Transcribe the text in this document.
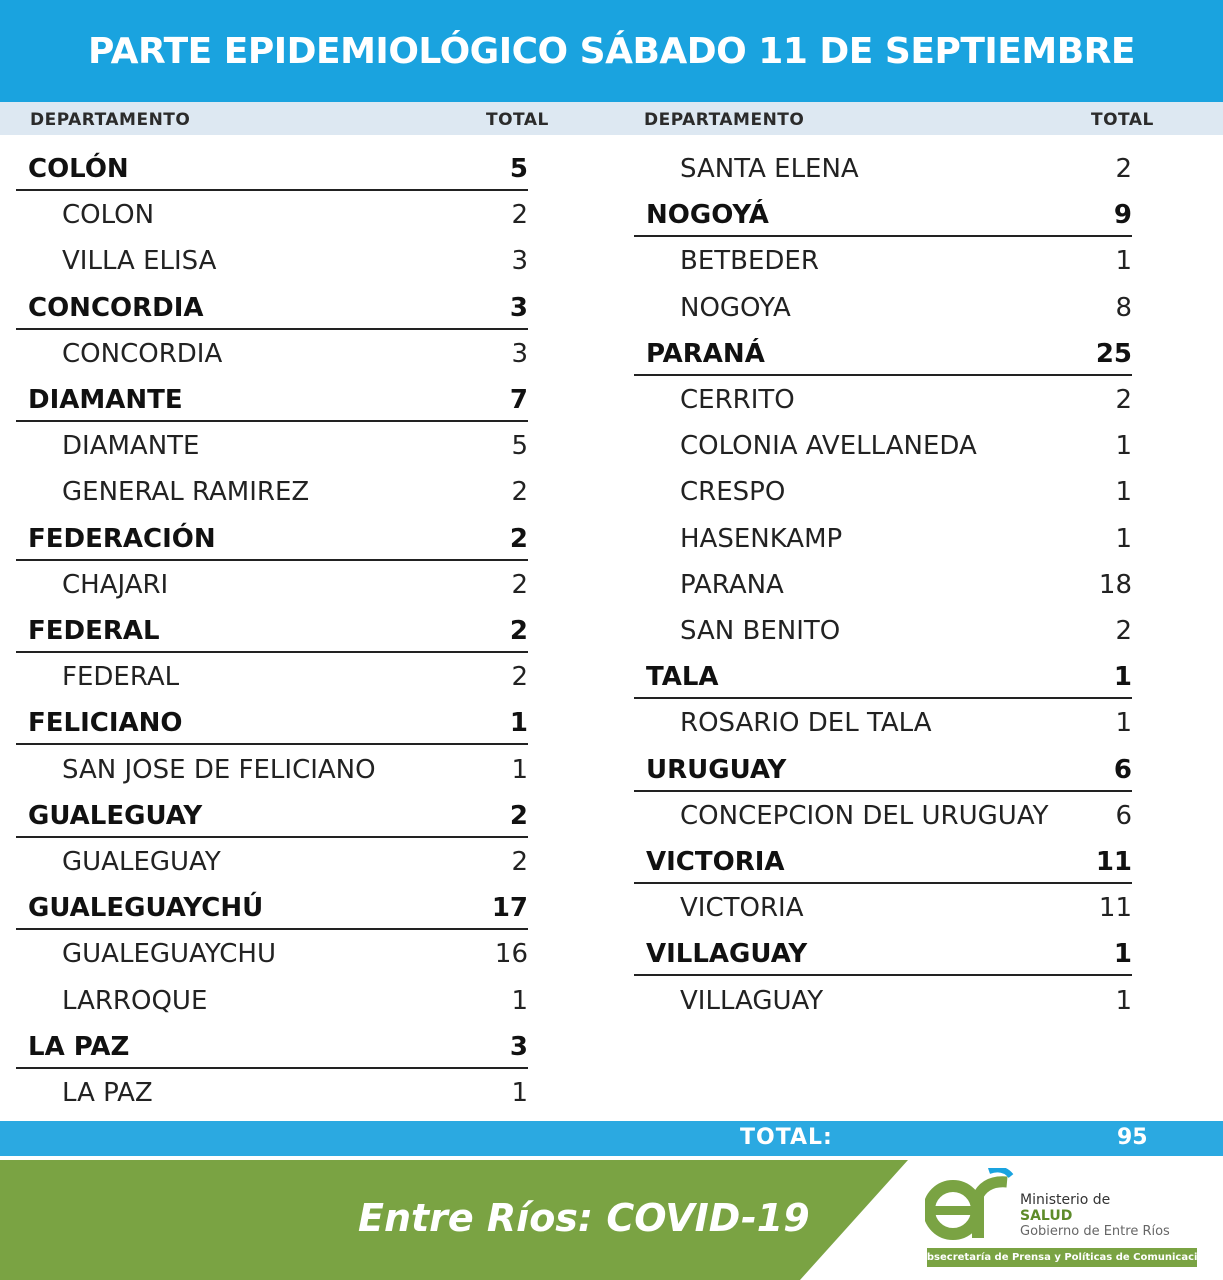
PARTE EPIDEMIOLÓGICO SÁBADO 11 DE SEPTIEMBRE
DEPARTAMENTO	TOTAL	DEPARTAMENTO	TOTAL
COLÓN	5
COLON	2
VILLA ELISA	3
CONCORDIA	3
CONCORDIA	3
DIAMANTE	7
DIAMANTE	5
GENERAL RAMIREZ	2
FEDERACIÓN	2
CHAJARI	2
FEDERAL	2
FEDERAL	2
FELICIANO	1
SAN JOSE DE FELICIANO	1
GUALEGUAY	2
GUALEGUAY	2
GUALEGUAYCHÚ	17
GUALEGUAYCHU	16
LARROQUE	1
LA PAZ	3
LA PAZ	1
SANTA ELENA	2
NOGOYÁ	9
BETBEDER	1
NOGOYA	8
PARANÁ	25
CERRITO	2
COLONIA AVELLANEDA	1
CRESPO	1
HASENKAMP	1
PARANA	18
SAN BENITO	2
TALA	1
ROSARIO DEL TALA	1
URUGUAY	6
CONCEPCION DEL URUGUAY	6
VICTORIA	11
VICTORIA	11
VILLAGUAY	1
VILLAGUAY	1
TOTAL:	95
Entre Ríos: COVID-19	Ministerio de
SALUD
Gobierno de Entre Ríos
Subsecretaría de Prensa y Políticas de Comunicación
